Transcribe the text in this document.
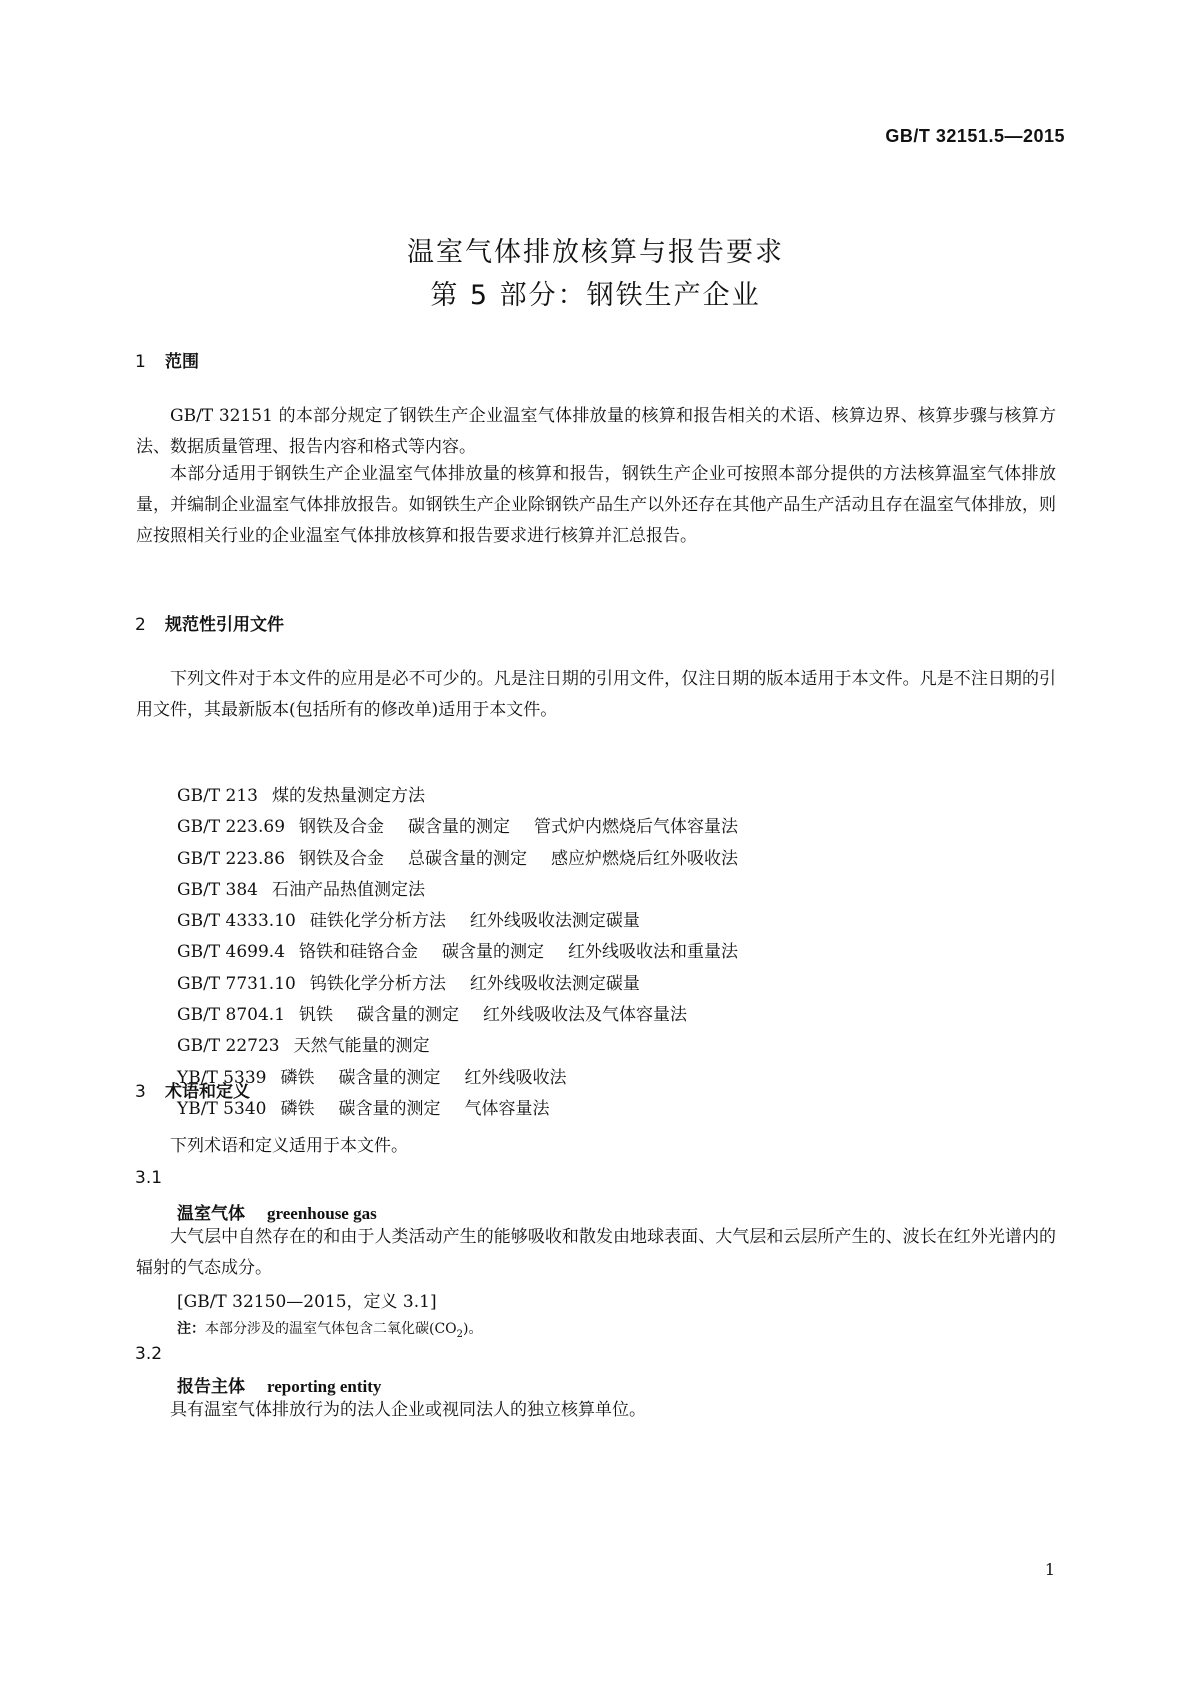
GB/T 32151.5—2015
温室气体排放核算与报告要求
第 5 部分：钢铁生产企业
1 范围
GB/T 32151 的本部分规定了钢铁生产企业温室气体排放量的核算和报告相关的术语、核算边界、核算步骤与核算方法、数据质量管理、报告内容和格式等内容。
本部分适用于钢铁生产企业温室气体排放量的核算和报告，钢铁生产企业可按照本部分提供的方法核算温室气体排放量，并编制企业温室气体排放报告。如钢铁生产企业除钢铁产品生产以外还存在其他产品生产活动且存在温室气体排放，则应按照相关行业的企业温室气体排放核算和报告要求进行核算并汇总报告。
2 规范性引用文件
下列文件对于本文件的应用是必不可少的。凡是注日期的引用文件，仅注日期的版本适用于本文件。凡是不注日期的引用文件，其最新版本(包括所有的修改单)适用于本文件。
GB/T 213 煤的发热量测定方法
GB/T 223.69 钢铁及合金 碳含量的测定 管式炉内燃烧后气体容量法
GB/T 223.86 钢铁及合金 总碳含量的测定 感应炉燃烧后红外吸收法
GB/T 384 石油产品热值测定法
GB/T 4333.10 硅铁化学分析方法 红外线吸收法测定碳量
GB/T 4699.4 铬铁和硅铬合金 碳含量的测定 红外线吸收法和重量法
GB/T 7731.10 钨铁化学分析方法 红外线吸收法测定碳量
GB/T 8704.1 钒铁 碳含量的测定 红外线吸收法及气体容量法
GB/T 22723 天然气能量的测定
YB/T 5339 磷铁 碳含量的测定 红外线吸收法
YB/T 5340 磷铁 碳含量的测定 气体容量法
3 术语和定义
下列术语和定义适用于本文件。
3.1
温室气体 greenhouse gas
大气层中自然存在的和由于人类活动产生的能够吸收和散发由地球表面、大气层和云层所产生的、波长在红外光谱内的辐射的气态成分。
[GB/T 32150—2015，定义 3.1]
注：本部分涉及的温室气体包含二氧化碳$(CO_2)$。
3.2
报告主体 reporting entity
具有温室气体排放行为的法人企业或视同法人的独立核算单位。
1
